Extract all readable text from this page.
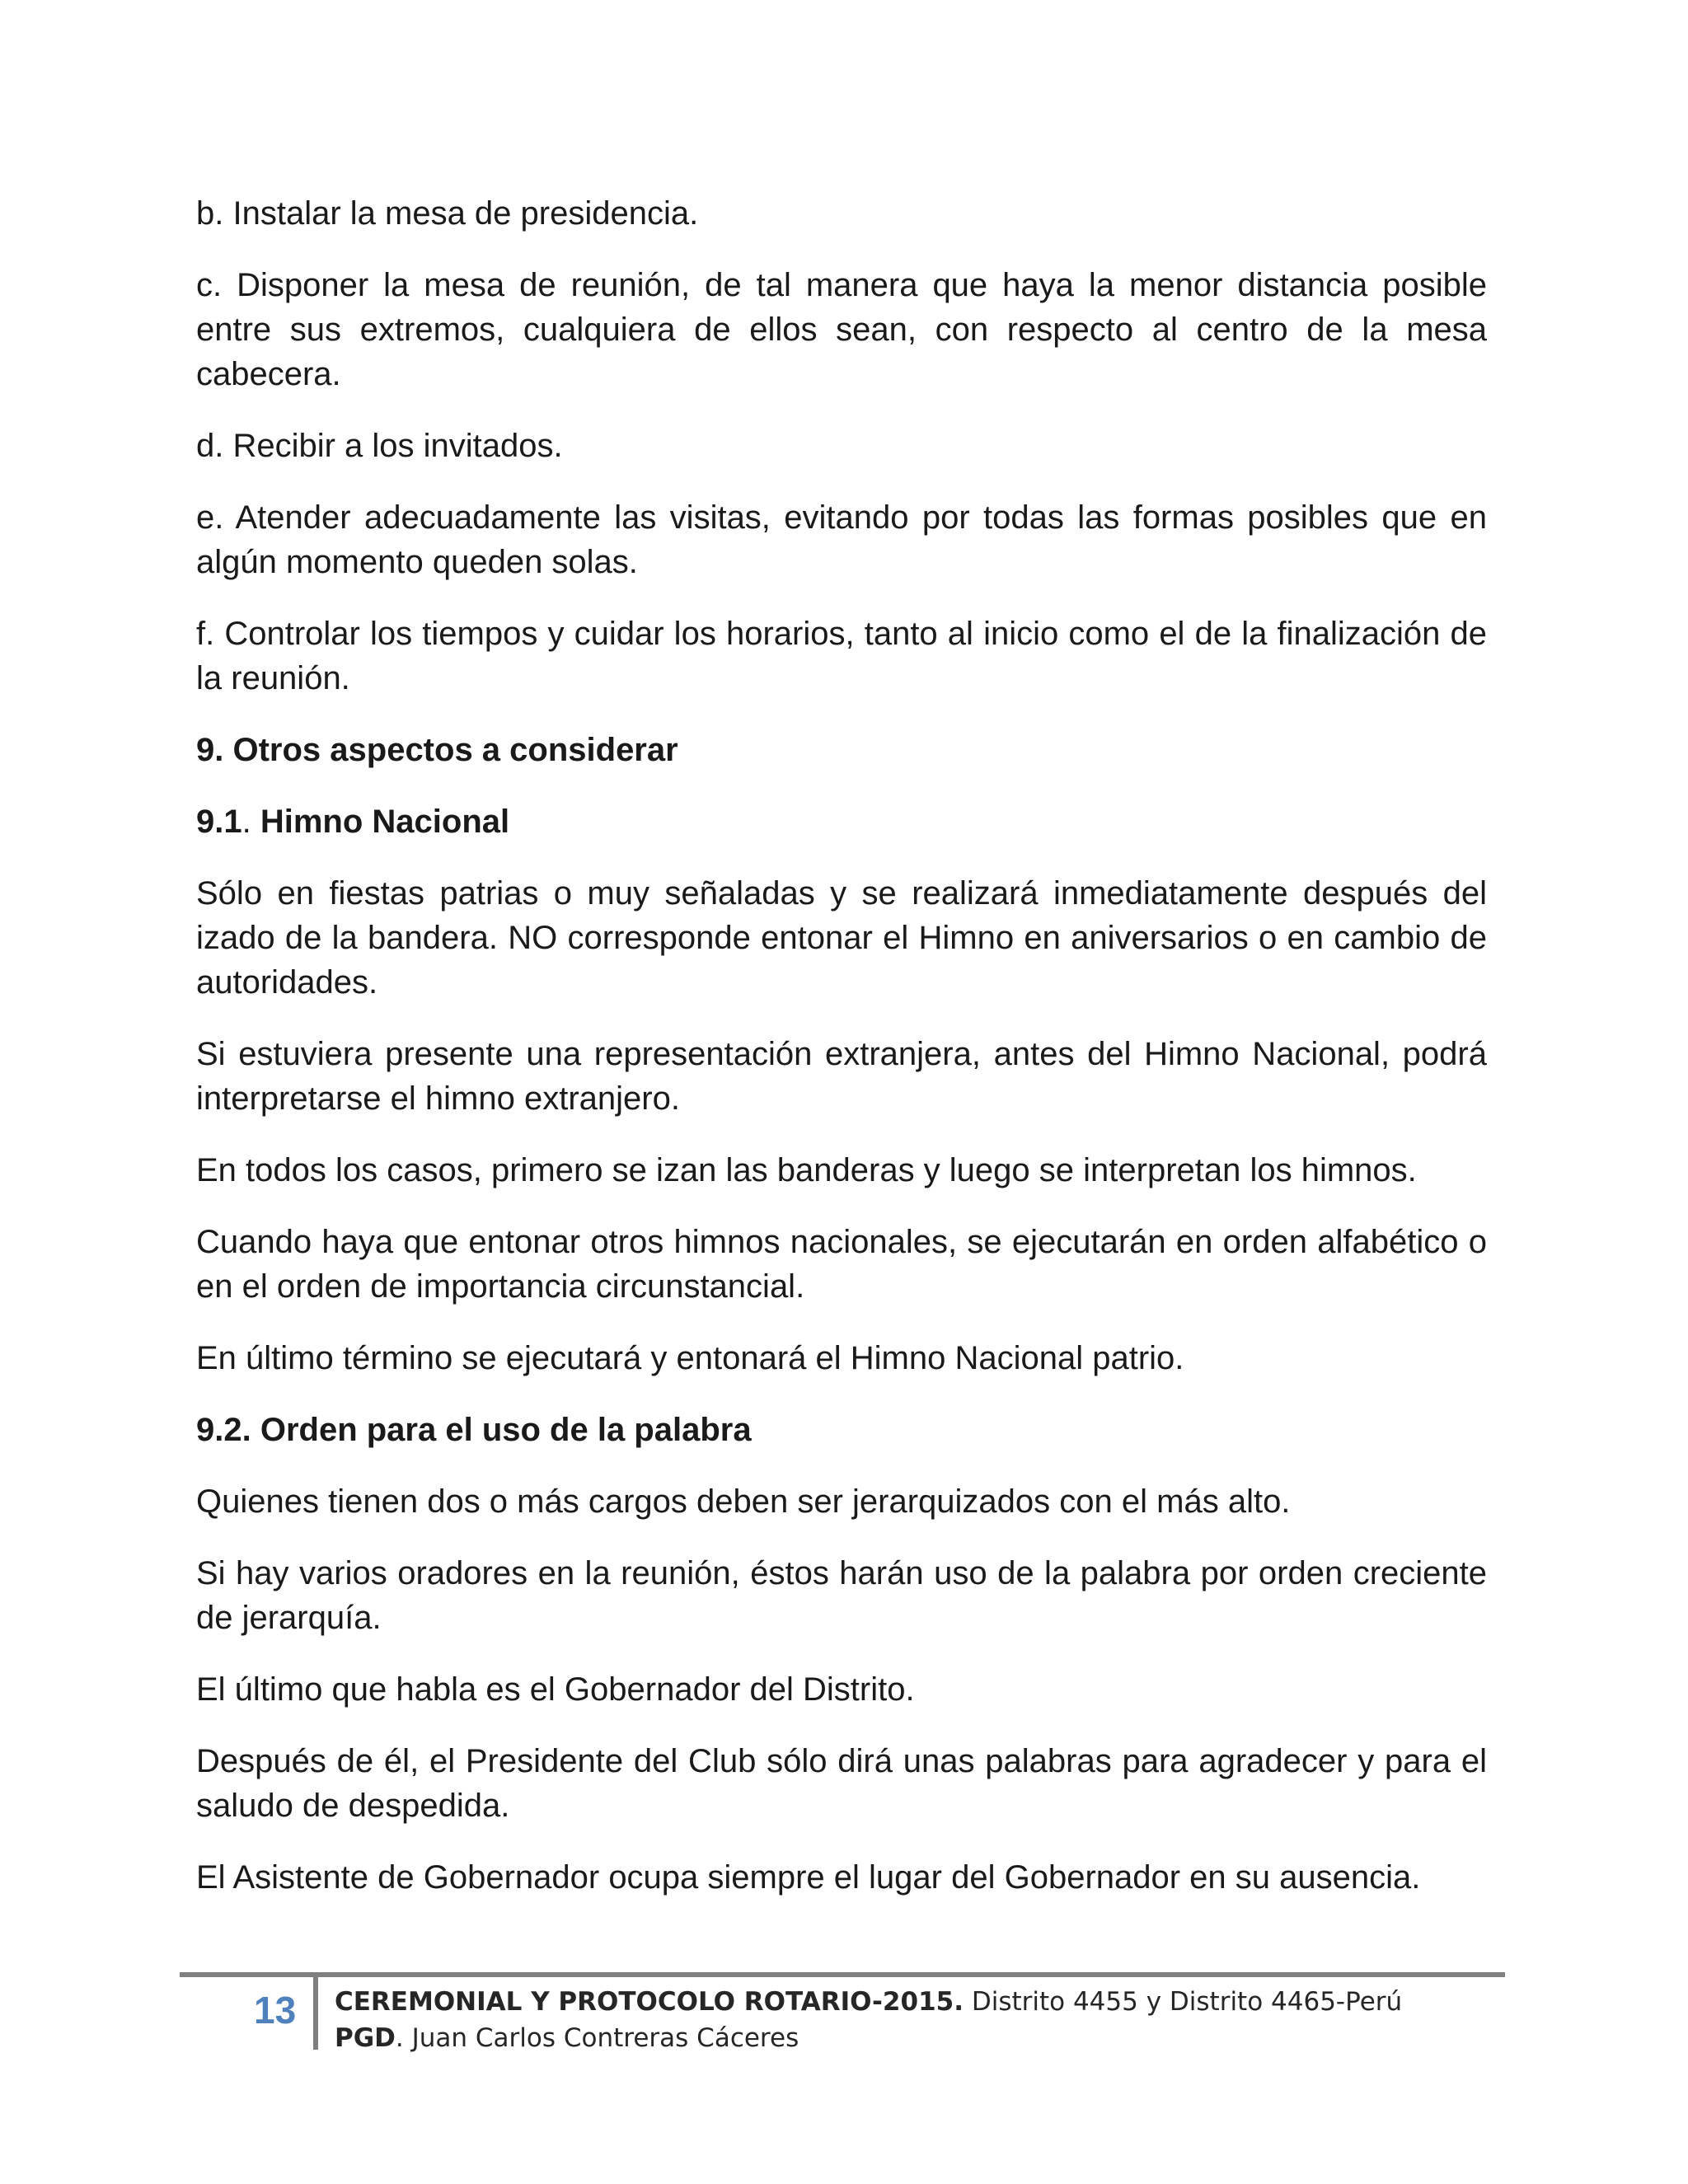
b. Instalar la mesa de presidencia.

c. Disponer la mesa de reunión, de tal manera que haya la menor distancia posible entre sus extremos, cualquiera de ellos sean, con respecto al centro de la mesa cabecera.

d. Recibir a los invitados.

e. Atender adecuadamente las visitas, evitando por todas las formas posibles que en algún momento queden solas.

f. Controlar los tiempos y cuidar los horarios, tanto al inicio como el de la finalización de la reunión.

9. Otros aspectos a considerar

9.1. Himno Nacional

Sólo en fiestas patrias o muy señaladas y se realizará inmediatamente después del izado de la bandera. NO corresponde entonar el Himno en aniversarios o en cambio de autoridades.

Si estuviera presente una representación extranjera, antes del Himno Nacional, podrá interpretarse el himno extranjero.

En todos los casos, primero se izan las banderas y luego se interpretan los himnos.

Cuando haya que entonar otros himnos nacionales, se ejecutarán en orden alfabético o en el orden de importancia circunstancial.

En último término se ejecutará y entonará el Himno Nacional patrio.

9.2. Orden para el uso de la palabra

Quienes tienen dos o más cargos deben ser jerarquizados con el más alto.

Si hay varios oradores en la reunión, éstos harán uso de la palabra por orden creciente de jerarquía.

El último que habla es el Gobernador del Distrito.

Después de él, el Presidente del Club sólo dirá unas palabras para agradecer y para el saludo de despedida.

El Asistente de Gobernador ocupa siempre el lugar del Gobernador en su ausencia.

13	CEREMONIAL Y PROTOCOLO ROTARIO-2015. Distrito 4455 y Distrito 4465-Perú
PGD. Juan Carlos Contreras Cáceres
